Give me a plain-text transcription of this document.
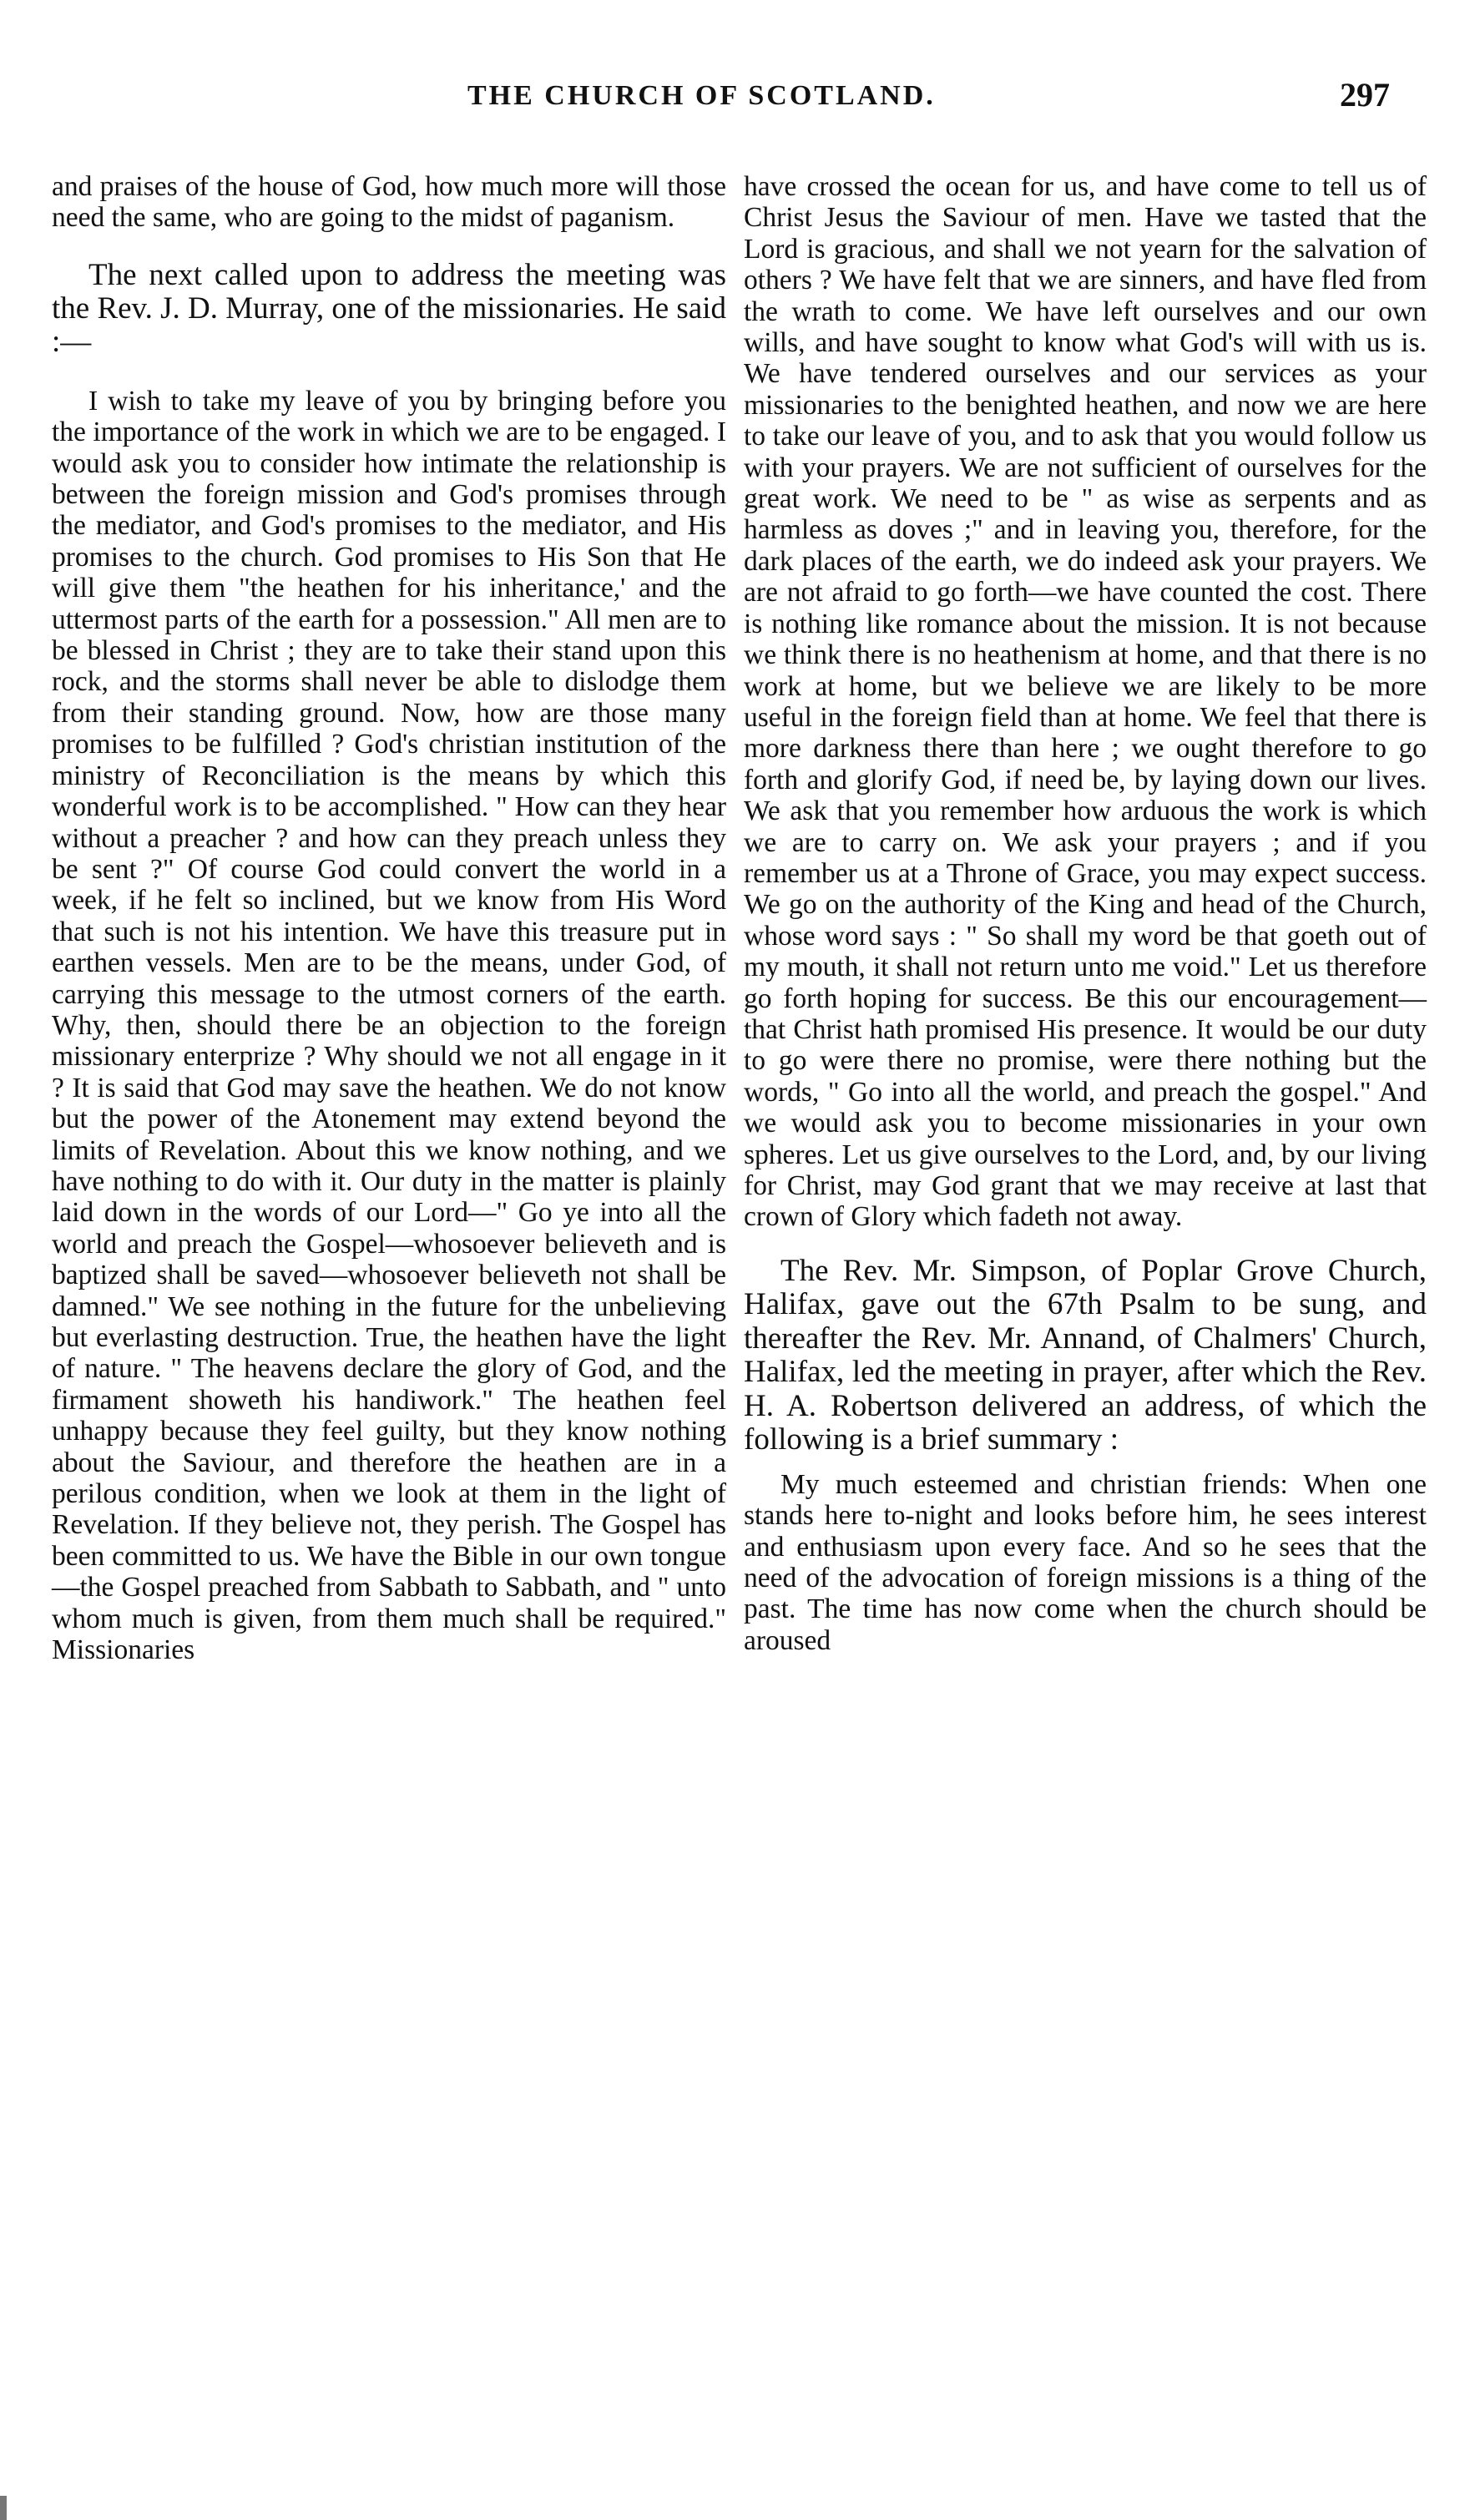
THE CHURCH OF SCOTLAND.	297

and praises of the house of God, how much more will those need the same, who are going to the midst of paganism.

The next called upon to address the meeting was the Rev. J. D. Murray, one of the missionaries. He said :—

I wish to take my leave of you by bringing before you the importance of the work in which we are to be engaged. I would ask you to consider how intimate the relationship is between the foreign mission and God's promises through the mediator, and God's promises to the mediator, and His promises to the church. God promises to His Son that He will give them "the heathen for his inheritance,' and the uttermost parts of the earth for a possession." All men are to be blessed in Christ ; they are to take their stand upon this rock, and the storms shall never be able to dislodge them from their standing ground. Now, how are those many promises to be fulfilled ? God's christian institution of the ministry of Reconciliation is the means by which this wonderful work is to be accomplished. " How can they hear without a preacher ? and how can they preach unless they be sent ?" Of course God could convert the world in a week, if he felt so inclined, but we know from His Word that such is not his intention. We have this treasure put in earthen vessels. Men are to be the means, under God, of carrying this message to the utmost corners of the earth. Why, then, should there be an objection to the foreign missionary enterprize ? Why should we not all engage in it ? It is said that God may save the heathen. We do not know but the power of the Atonement may extend beyond the limits of Revelation. About this we know nothing, and we have nothing to do with it. Our duty in the matter is plainly laid down in the words of our Lord—" Go ye into all the world and preach the Gospel—whosoever believeth and is baptized shall be saved—whosoever believeth not shall be damned." We see nothing in the future for the unbelieving but everlasting destruction. True, the heathen have the light of nature. " The heavens declare the glory of God, and the firmament showeth his handiwork." The heathen feel unhappy because they feel guilty, but they know nothing about the Saviour, and therefore the heathen are in a perilous condition, when we look at them in the light of Revelation. If they believe not, they perish. The Gospel has been committed to us. We have the Bible in our own tongue—the Gospel preached from Sabbath to Sabbath, and " unto whom much is given, from them much shall be required." Missionaries

have crossed the ocean for us, and have come to tell us of Christ Jesus the Saviour of men. Have we tasted that the Lord is gracious, and shall we not yearn for the salvation of others ? We have felt that we are sinners, and have fled from the wrath to come. We have left ourselves and our own wills, and have sought to know what God's will with us is. We have tendered ourselves and our services as your missionaries to the benighted heathen, and now we are here to take our leave of you, and to ask that you would follow us with your prayers. We are not sufficient of ourselves for the great work. We need to be " as wise as serpents and as harmless as doves ;" and in leaving you, therefore, for the dark places of the earth, we do indeed ask your prayers. We are not afraid to go forth—we have counted the cost. There is nothing like romance about the mission. It is not because we think there is no heathenism at home, and that there is no work at home, but we believe we are likely to be more useful in the foreign field than at home. We feel that there is more darkness there than here ; we ought therefore to go forth and glorify God, if need be, by laying down our lives. We ask that you remember how arduous the work is which we are to carry on. We ask your prayers ; and if you remember us at a Throne of Grace, you may expect success. We go on the authority of the King and head of the Church, whose word says : " So shall my word be that goeth out of my mouth, it shall not return unto me void." Let us therefore go forth hoping for success. Be this our encouragement—that Christ hath promised His presence. It would be our duty to go were there no promise, were there nothing but the words, " Go into all the world, and preach the gospel." And we would ask you to become missionaries in your own spheres. Let us give ourselves to the Lord, and, by our living for Christ, may God grant that we may receive at last that crown of Glory which fadeth not away.

The Rev. Mr. Simpson, of Poplar Grove Church, Halifax, gave out the 67th Psalm to be sung, and thereafter the Rev. Mr. Annand, of Chalmers' Church, Halifax, led the meeting in prayer, after which the Rev. H. A. Robertson delivered an address, of which the following is a brief summary :

My much esteemed and christian friends: When one stands here to-night and looks before him, he sees interest and enthusiasm upon every face. And so he sees that the need of the advocation of foreign missions is a thing of the past. The time has now come when the church should be aroused
